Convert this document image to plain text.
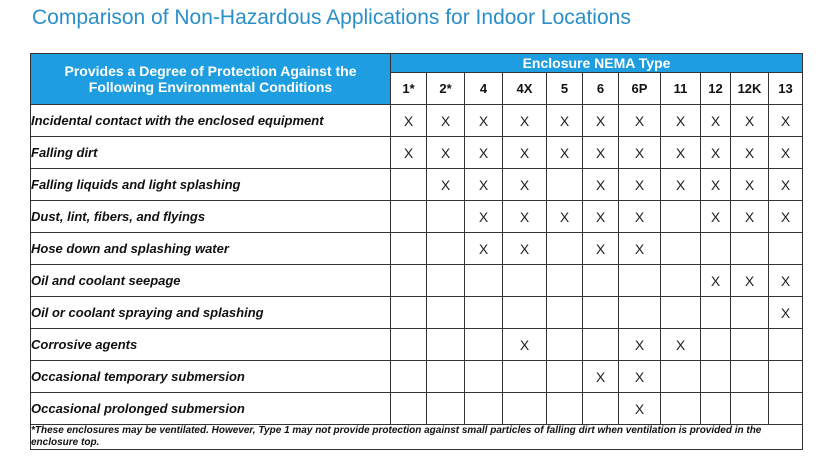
Comparison of Non-Hazardous Applications for Indoor Locations
Provides a Degree of Protection Against the Following Environmental Conditions	Enclosure NEMA Type										
	1*	2*	4	4X	5	6	6P	11	12	12K	13
Incidental contact with the enclosed equipment	X	X	X	X	X	X	X	X	X	X	X
Falling dirt	X	X	X	X	X	X	X	X	X	X	X
Falling liquids and light splashing		X	X	X		X	X	X	X	X	X
Dust, lint, fibers, and flyings			X	X	X	X	X		X	X	X
Hose down and splashing water			X	X		X	X				
Oil and coolant seepage									X	X	X
Oil or coolant spraying and splashing											X
Corrosive agents				X			X	X			
Occasional temporary submersion						X	X				
Occasional prolonged submersion							X				
*These enclosures may be ventilated. However, Type 1 may not provide protection against small particles of falling dirt when ventilation is provided in the enclosure top.											
